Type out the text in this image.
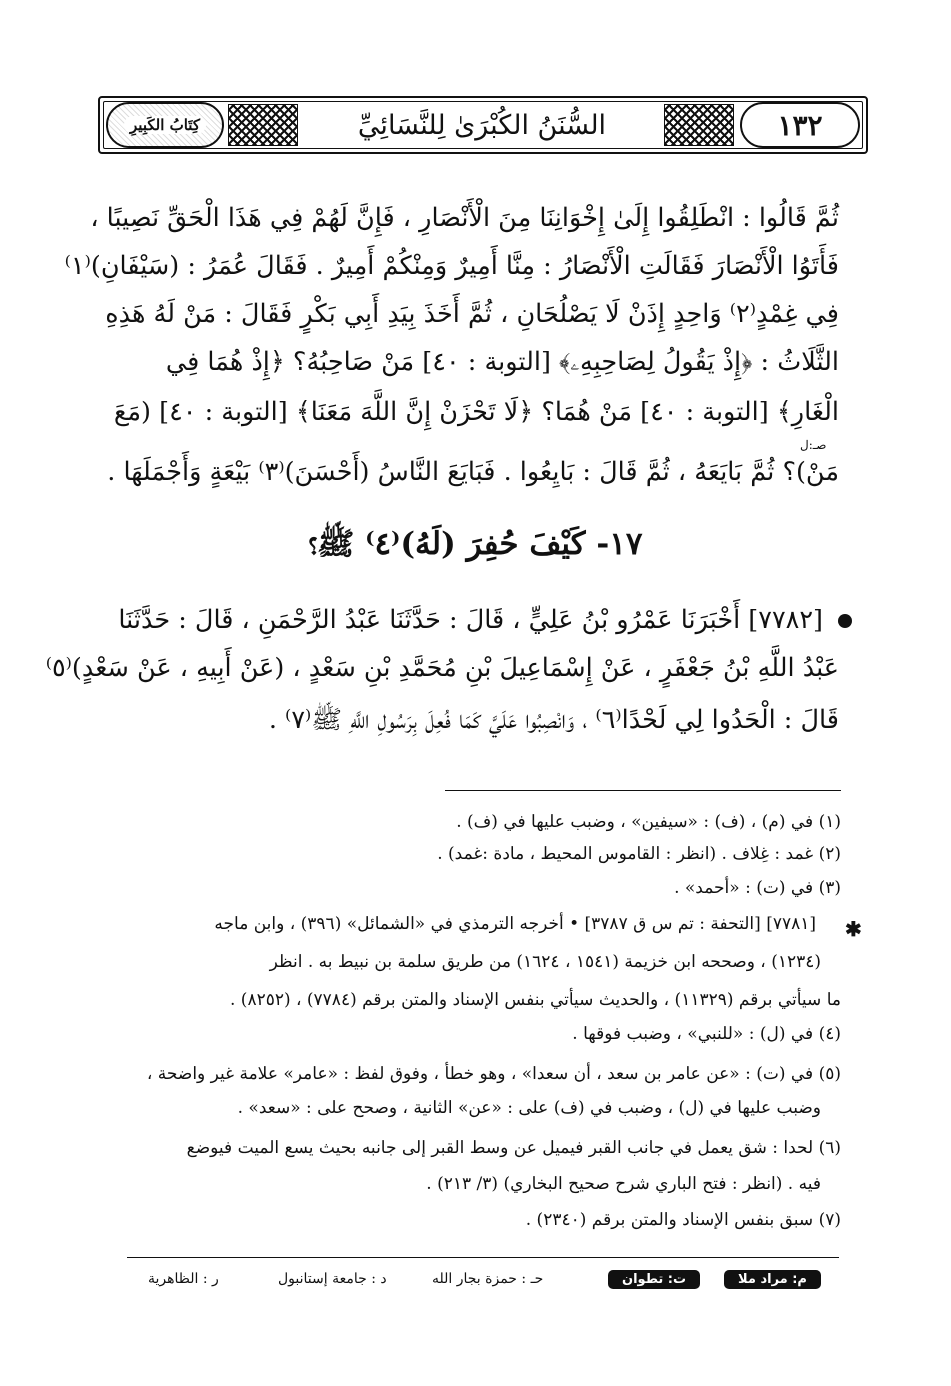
كِتَابُ الكَبِيرِ	السُّنَنُ الكُبْرَىٰ لِلنَّسَائِيِّ	١٣٢
ثُمَّ قَالُوا : انْطَلِقُوا إِلَىٰ إِخْوَانِنَا مِنَ الْأَنْصَارِ ، فَإِنَّ لَهُمْ فِي هَذَا الْحَقِّ نَصِيبًا ،
فَأَتَوُا الْأَنْصَارَ فَقَالَتِ الْأَنْصَارُ : مِنَّا أَمِيرٌ وَمِنْكُمْ أَمِيرٌ . فَقَالَ عُمَرُ : (سَيْفَانِ)⁽١⁾
فِي غِمْدٍ⁽٢⁾ وَاحِدٍ إِذَنْ لَا يَصْلُحَانِ ، ثُمَّ أَخَذَ بِيَدِ أَبِي بَكْرٍ فَقَالَ : مَنْ لَهُ هَذِهِ
الثَّلَاثُ : ﴿إِذْ يَقُولُ لِصَاحِبِهِۦ﴾ [التوبة : ٤٠] مَنْ صَاحِبُهُ؟ ﴿إِذْ هُمَا فِي
الْغَارِ﴾ [التوبة : ٤٠] مَنْ هُمَا؟ ﴿لَا تَحْزَنْ إِنَّ اللَّهَ مَعَنَا﴾ [التوبة : ٤٠] (مَعَ
صـ:ل
مَنْ)؟ ثُمَّ بَايَعَهُ ، ثُمَّ قَالَ : بَايِعُوا . فَبَايَعَ النَّاسُ (أَحْسَنَ)⁽٣⁾ بَيْعَةٍ وَأَجْمَلَهَا .
١٧- كَيْفَ حُفِرَ (لَهُ)⁽٤⁾ ﷺ؟
[٧٧٨٢] أَخْبَرَنَا عَمْرُو بْنُ عَلِيٍّ ، قَالَ : حَدَّثَنَا عَبْدُ الرَّحْمَنِ ، قَالَ : حَدَّثَنَا
عَبْدُ اللَّهِ بْنُ جَعْفَرٍ ، عَنْ إِسْمَاعِيلَ بْنِ مُحَمَّدِ بْنِ سَعْدٍ ، (عَنْ أَبِيهِ ، عَنْ سَعْدٍ)⁽٥⁾
قَالَ : الْحَدُوا لِي لَحْدًا⁽٦⁾ ، وَانْصِبُوا عَلَيَّ كَمَا فُعِلَ بِرَسُولِ اللَّهِ ﷺ⁽٧⁾ .
(١) في (م) ، (ف) : «سيفين» ، وضبب عليها في (ف) .
(٢) غمد : غِلاف . (انظر : القاموس المحيط ، مادة :غمد) .
(٣) في (ت) : «أحمد» .
✱
[٧٧٨١] [التحفة : تم س ق ٣٧٨٧] • أخرجه الترمذي في «الشمائل» (٣٩٦) ، وابن ماجه
(١٢٣٤) ، وصححه ابن خزيمة (١٥٤١ ، ١٦٢٤) من طريق سلمة بن نبيط به . انظر
ما سيأتي برقم (١١٣٢٩) ، والحديث سيأتي بنفس الإسناد والمتن برقم (٧٧٨٤) ، (٨٢٥٢) .
(٤) في (ل) : «للنبي» ، وضبب فوقها .
(٥) في (ت) : «عن عامر بن سعد ، أن سعدا» ، وهو خطأ ، وفوق لفظ : «عامر» علامة غير واضحة ،
وضبب عليها في (ل) ، وضبب في (ف) على : «عن» الثانية ، وصحح على : «سعد» .
(٦) لحدا : شق يعمل في جانب القبر فيميل عن وسط القبر إلى جانبه بحيث يسع الميت فيوضع
فيه . (انظر : فتح الباري شرح صحيح البخاري) (٣/ ٢١٣) .
(٧) سبق بنفس الإسناد والمتن برقم (٢٣٤٠) .
م: مراد ملا
ت: تطوان
حـ : حمزة بجار الله
د : جامعة إستانبول
ر : الظاهرية
